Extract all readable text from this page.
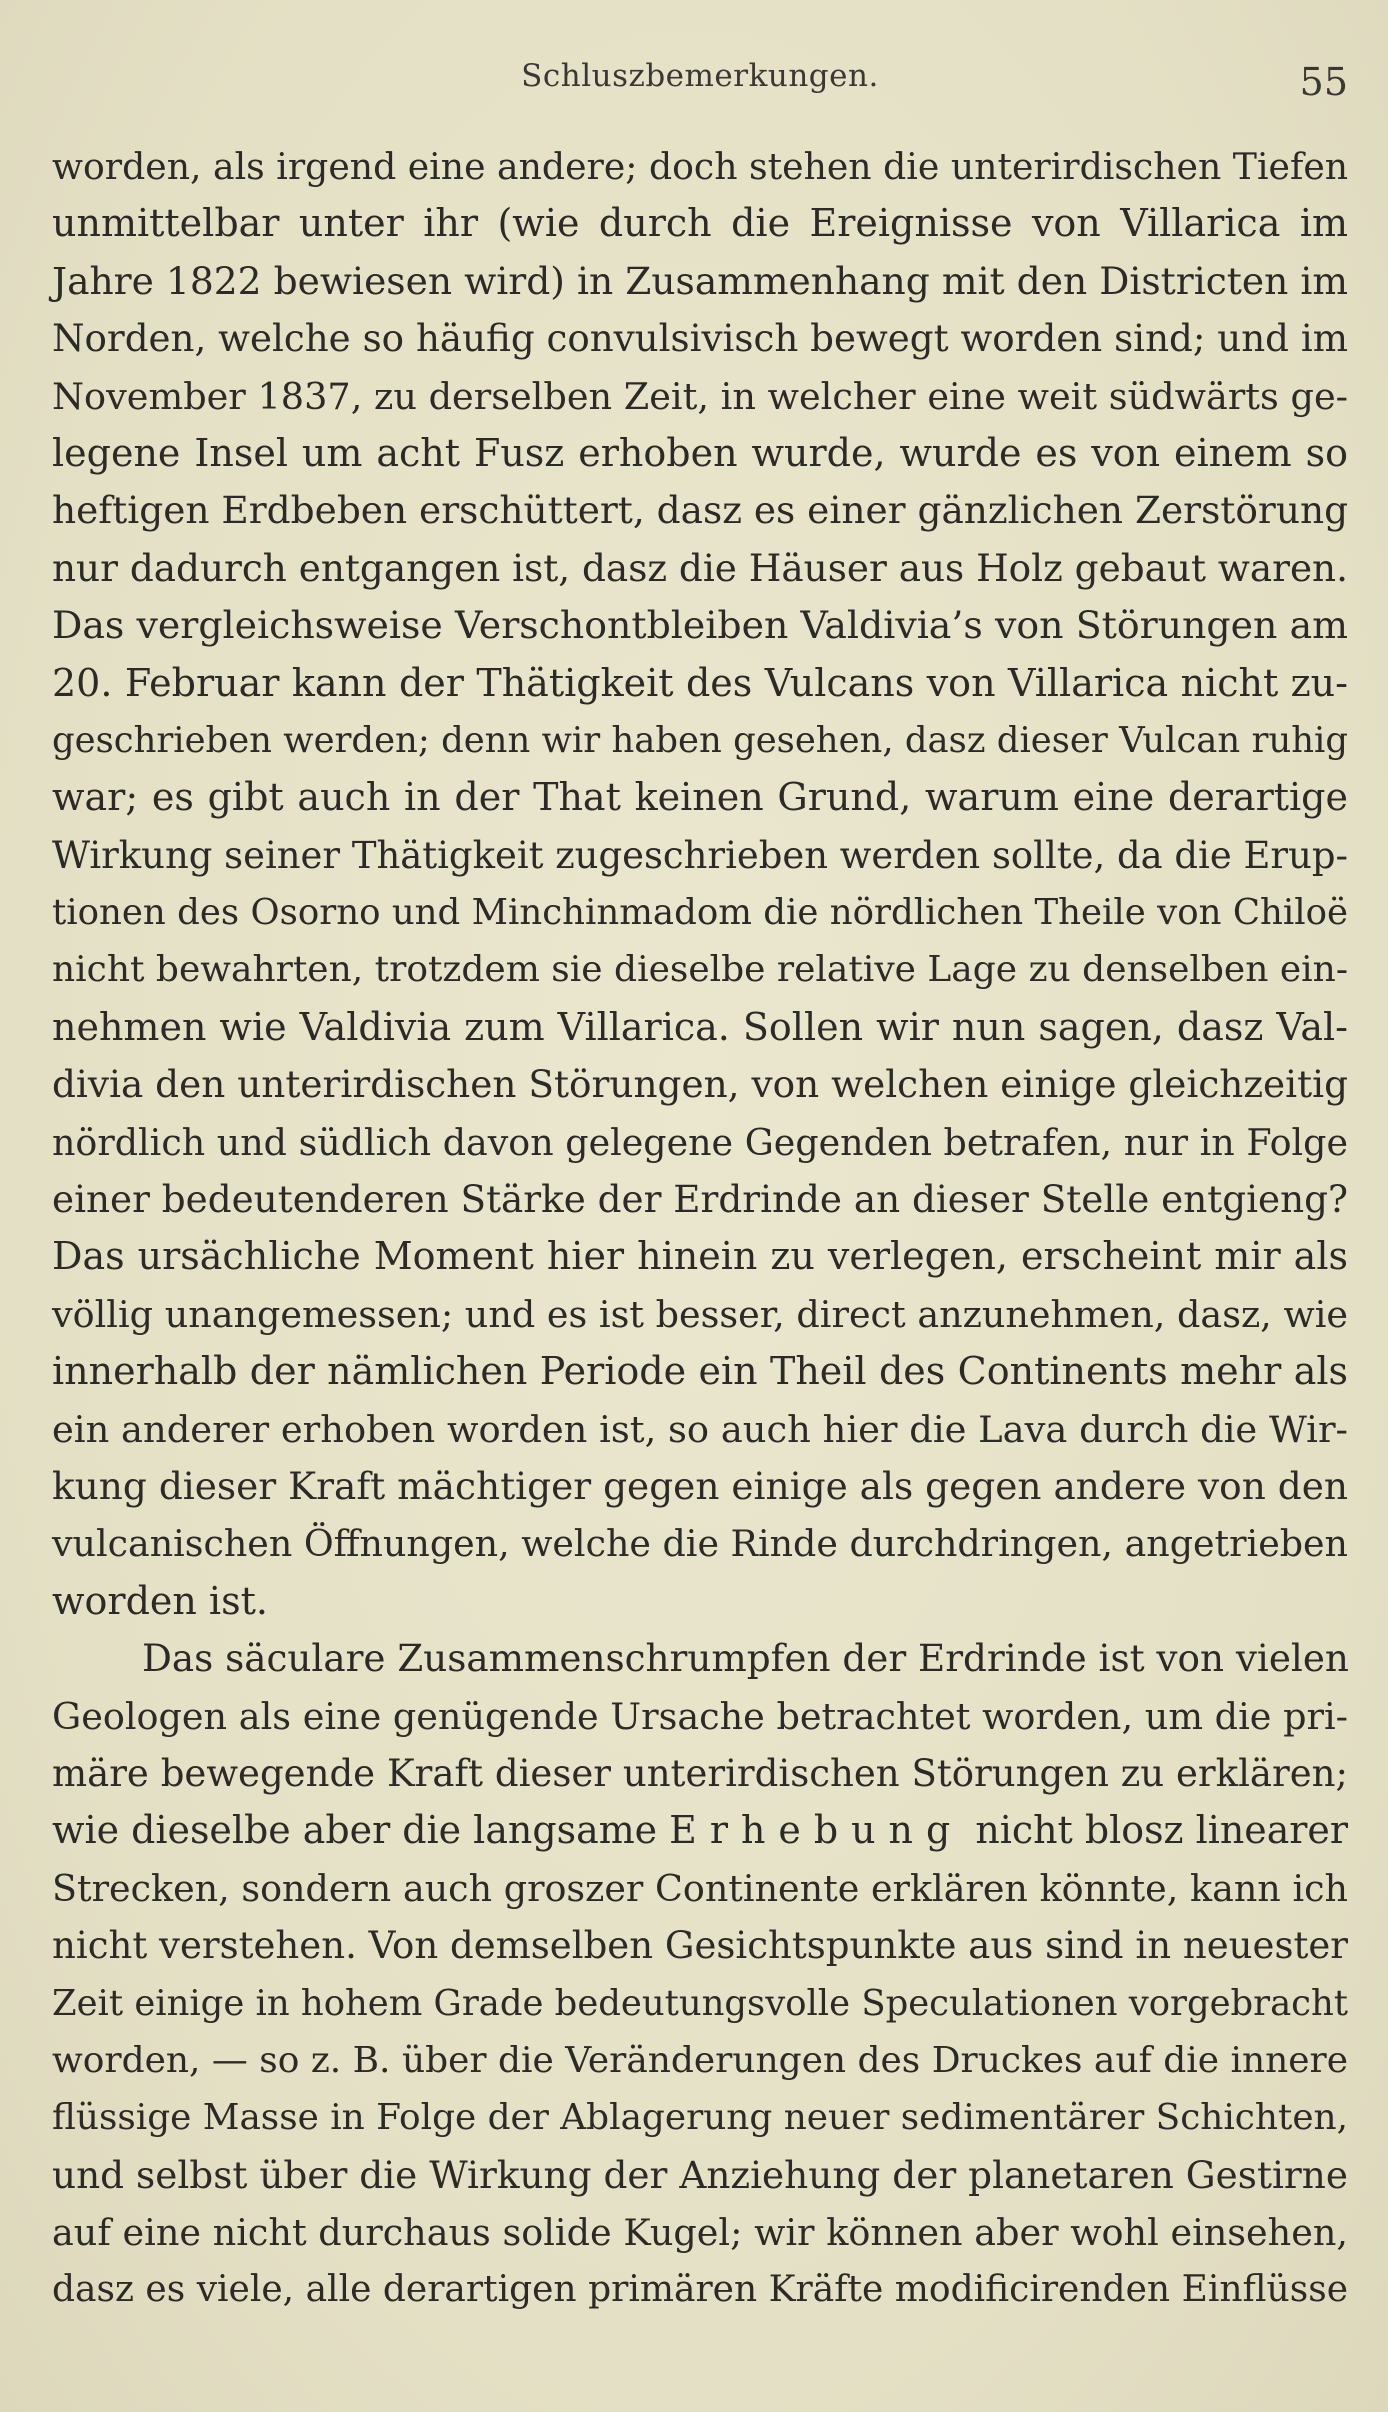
Schluszbemerkungen.	55
worden, als irgend eine andere; doch stehen die unterirdischen Tiefen
unmittelbar unter ihr (wie durch die Ereignisse von Villarica im
Jahre 1822 bewiesen wird) in Zusammenhang mit den Districten im
Norden, welche so häufig convulsivisch bewegt worden sind; und im
November 1837, zu derselben Zeit, in welcher eine weit südwärts ge-
legene Insel um acht Fusz erhoben wurde, wurde es von einem so
heftigen Erdbeben erschüttert, dasz es einer gänzlichen Zerstörung
nur dadurch entgangen ist, dasz die Häuser aus Holz gebaut waren.
Das vergleichsweise Verschontbleiben Valdivia’s von Störungen am
20. Februar kann der Thätigkeit des Vulcans von Villarica nicht zu-
geschrieben werden; denn wir haben gesehen, dasz dieser Vulcan ruhig
war; es gibt auch in der That keinen Grund, warum eine derartige
Wirkung seiner Thätigkeit zugeschrieben werden sollte, da die Erup-
tionen des Osorno und Minchinmadom die nördlichen Theile von Chiloë
nicht bewahrten, trotzdem sie dieselbe relative Lage zu denselben ein-
nehmen wie Valdivia zum Villarica. Sollen wir nun sagen, dasz Val-
divia den unterirdischen Störungen, von welchen einige gleichzeitig
nördlich und südlich davon gelegene Gegenden betrafen, nur in Folge
einer bedeutenderen Stärke der Erdrinde an dieser Stelle entgieng?
Das ursächliche Moment hier hinein zu verlegen, erscheint mir als
völlig unangemessen; und es ist besser, direct anzunehmen, dasz, wie
innerhalb der nämlichen Periode ein Theil des Continents mehr als
ein anderer erhoben worden ist, so auch hier die Lava durch die Wir-
kung dieser Kraft mächtiger gegen einige als gegen andere von den
vulcanischen Öffnungen, welche die Rinde durchdringen, angetrieben
worden ist.
Das säculare Zusammenschrumpfen der Erdrinde ist von vielen
Geologen als eine genügende Ursache betrachtet worden, um die pri-
märe bewegende Kraft dieser unterirdischen Störungen zu erklären;
wie dieselbe aber die langsame Erhebung nicht blosz linearer
Strecken, sondern auch groszer Continente erklären könnte, kann ich
nicht verstehen. Von demselben Gesichtspunkte aus sind in neuester
Zeit einige in hohem Grade bedeutungsvolle Speculationen vorgebracht
worden, — so z. B. über die Veränderungen des Druckes auf die innere
flüssige Masse in Folge der Ablagerung neuer sedimentärer Schichten,
und selbst über die Wirkung der Anziehung der planetaren Gestirne
auf eine nicht durchaus solide Kugel; wir können aber wohl einsehen,
dasz es viele, alle derartigen primären Kräfte modificirenden Einflüsse
